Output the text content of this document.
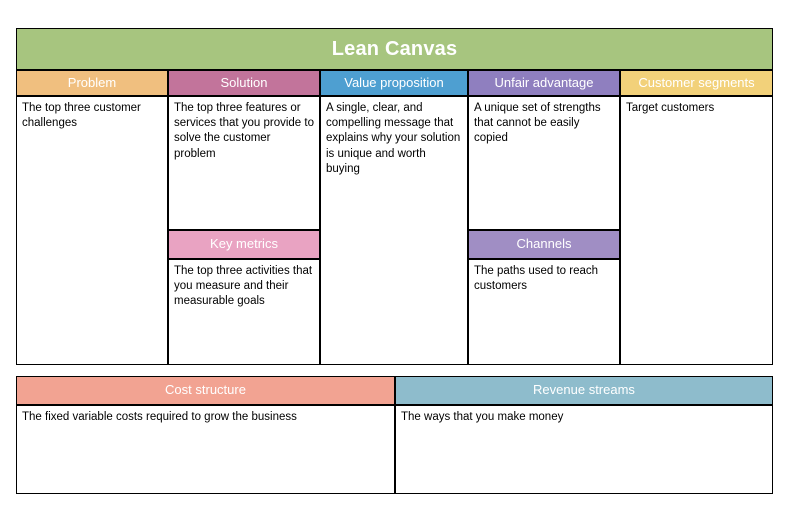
Lean Canvas
Problem	Solution	Value proposition	Unfair advantage	Customer segments
The top three customer challenges
The top three features or services that you provide to solve the customer problem
A single, clear, and compelling message that explains why your solution is unique and worth buying
A unique set of strengths that cannot be easily copied
Target customers
Key metrics	Channels
The top three activities that you measure and their measurable goals
The paths used to reach customers
Cost structure	Revenue streams
The fixed variable costs required to grow the business	The ways that you make money
